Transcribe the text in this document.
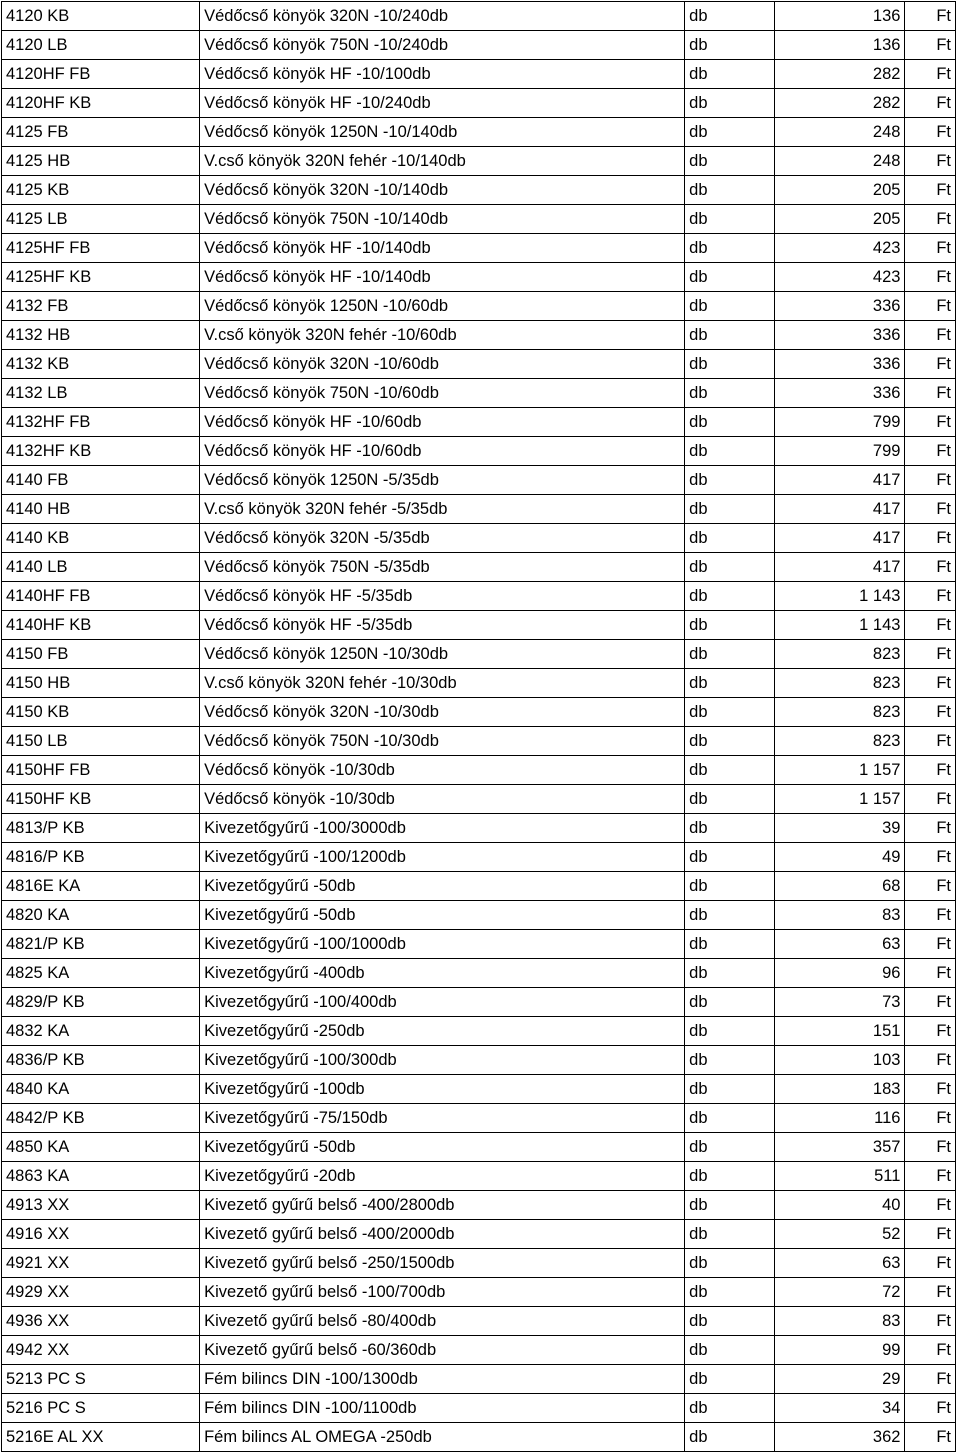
4120 KB	Védőcső könyök 320N -10/240db	db	136	Ft
4120 LB	Védőcső könyök 750N -10/240db	db	136	Ft
4120HF FB	Védőcső könyök HF -10/100db	db	282	Ft
4120HF KB	Védőcső könyök HF -10/240db	db	282	Ft
4125 FB	Védőcső könyök 1250N -10/140db	db	248	Ft
4125 HB	V.cső könyök 320N fehér -10/140db	db	248	Ft
4125 KB	Védőcső könyök 320N -10/140db	db	205	Ft
4125 LB	Védőcső könyök 750N -10/140db	db	205	Ft
4125HF FB	Védőcső könyök HF -10/140db	db	423	Ft
4125HF KB	Védőcső könyök HF -10/140db	db	423	Ft
4132 FB	Védőcső könyök 1250N -10/60db	db	336	Ft
4132 HB	V.cső könyök 320N fehér -10/60db	db	336	Ft
4132 KB	Védőcső könyök 320N -10/60db	db	336	Ft
4132 LB	Védőcső könyök 750N -10/60db	db	336	Ft
4132HF FB	Védőcső könyök HF -10/60db	db	799	Ft
4132HF KB	Védőcső könyök HF -10/60db	db	799	Ft
4140 FB	Védőcső könyök 1250N -5/35db	db	417	Ft
4140 HB	V.cső könyök 320N fehér -5/35db	db	417	Ft
4140 KB	Védőcső könyök 320N -5/35db	db	417	Ft
4140 LB	Védőcső könyök 750N -5/35db	db	417	Ft
4140HF FB	Védőcső könyök HF -5/35db	db	1 143	Ft
4140HF KB	Védőcső könyök HF -5/35db	db	1 143	Ft
4150 FB	Védőcső könyök 1250N -10/30db	db	823	Ft
4150 HB	V.cső könyök 320N fehér -10/30db	db	823	Ft
4150 KB	Védőcső könyök 320N -10/30db	db	823	Ft
4150 LB	Védőcső könyök 750N -10/30db	db	823	Ft
4150HF FB	Védőcső könyök -10/30db	db	1 157	Ft
4150HF KB	Védőcső könyök -10/30db	db	1 157	Ft
4813/P KB	Kivezetőgyűrű -100/3000db	db	39	Ft
4816/P KB	Kivezetőgyűrű -100/1200db	db	49	Ft
4816E KA	Kivezetőgyűrű -50db	db	68	Ft
4820 KA	Kivezetőgyűrű -50db	db	83	Ft
4821/P KB	Kivezetőgyűrű -100/1000db	db	63	Ft
4825 KA	Kivezetőgyűrű -400db	db	96	Ft
4829/P KB	Kivezetőgyűrű -100/400db	db	73	Ft
4832 KA	Kivezetőgyűrű -250db	db	151	Ft
4836/P KB	Kivezetőgyűrű -100/300db	db	103	Ft
4840 KA	Kivezetőgyűrű -100db	db	183	Ft
4842/P KB	Kivezetőgyűrű -75/150db	db	116	Ft
4850 KA	Kivezetőgyűrű -50db	db	357	Ft
4863 KA	Kivezetőgyűrű -20db	db	511	Ft
4913 XX	Kivezető gyűrű belső -400/2800db	db	40	Ft
4916 XX	Kivezető gyűrű belső -400/2000db	db	52	Ft
4921 XX	Kivezető gyűrű belső -250/1500db	db	63	Ft
4929 XX	Kivezető gyűrű belső -100/700db	db	72	Ft
4936 XX	Kivezető gyűrű belső -80/400db	db	83	Ft
4942 XX	Kivezető gyűrű belső -60/360db	db	99	Ft
5213 PC S	Fém bilincs DIN -100/1300db	db	29	Ft
5216 PC S	Fém bilincs DIN -100/1100db	db	34	Ft
5216E AL XX	Fém bilincs AL OMEGA -250db	db	362	Ft
